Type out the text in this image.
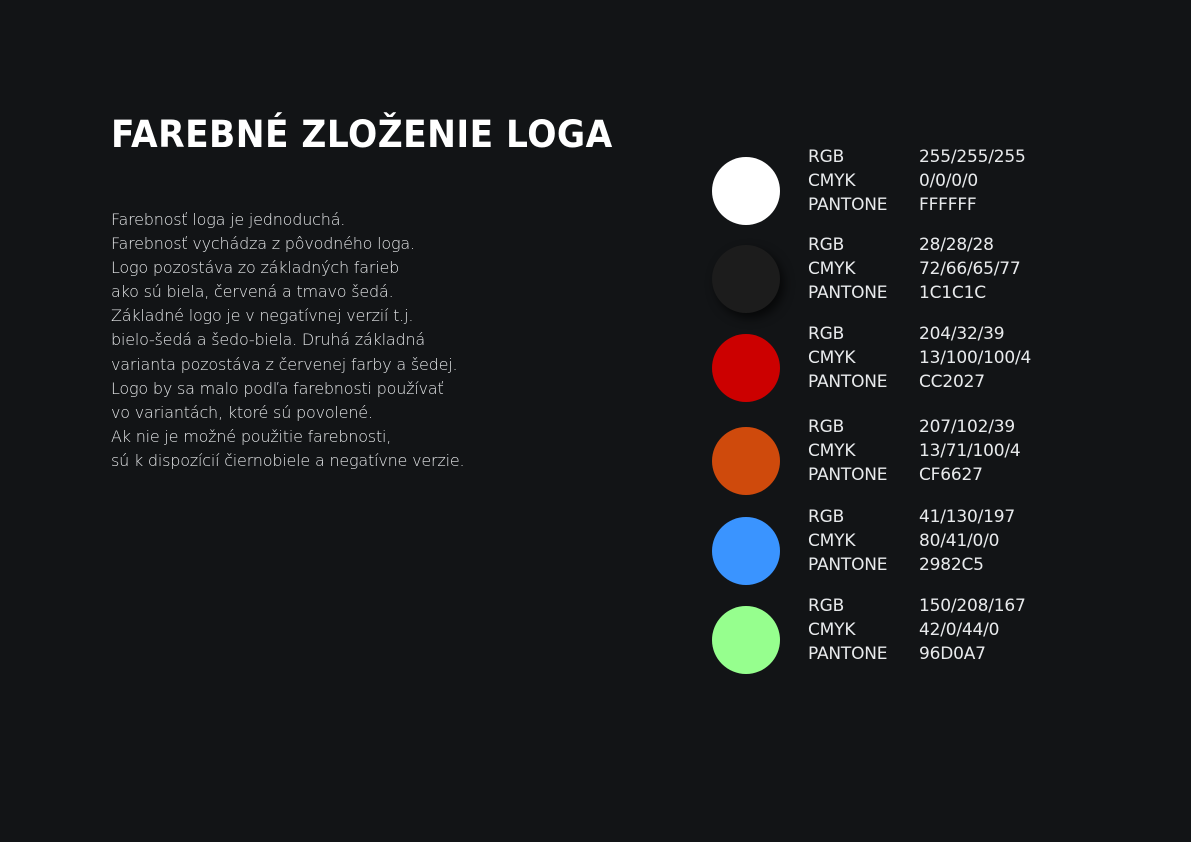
FAREBNÉ ZLOŽENIE LOGA
Farebnosť loga je jednoduchá.
Farebnosť vychádza z pôvodného loga.
Logo pozostáva zo základných farieb
ako sú biela, červená a tmavo šedá.
Základné logo je v negatívnej verzií t.j.
bielo-šedá a šedo-biela. Druhá základná
varianta pozostáva z červenej farby a šedej.
Logo by sa malo podľa farebnosti používať
vo variantách, ktoré sú povolené.
Ak nie je možné použitie farebnosti,
sú k dispozícií čiernobiele a negatívne verzie.
RGB	255/255/255
CMYK	0/0/0/0
PANTONE	FFFFFF
RGB	28/28/28
CMYK	72/66/65/77
PANTONE	1C1C1C
RGB	204/32/39
CMYK	13/100/100/4
PANTONE	CC2027
RGB	207/102/39
CMYK	13/71/100/4
PANTONE	CF6627
RGB	41/130/197
CMYK	80/41/0/0
PANTONE	2982C5
RGB	150/208/167
CMYK	42/0/44/0
PANTONE	96D0A7
